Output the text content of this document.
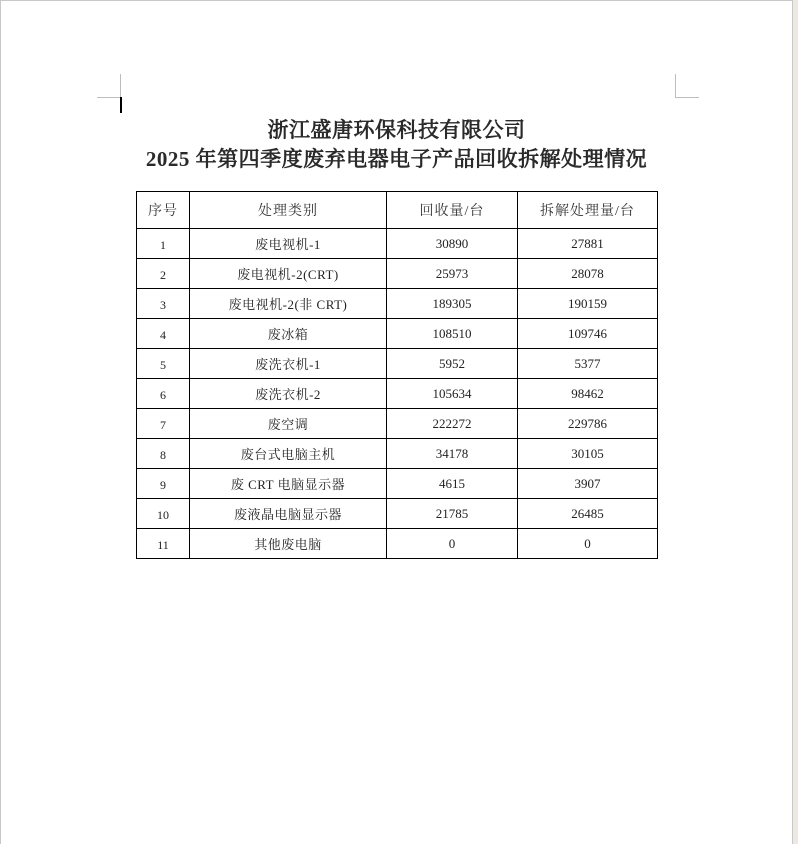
浙江盛唐环保科技有限公司
2025 年第四季度废弃电器电子产品回收拆解处理情况
序号	处理类别	回收量/台	拆解处理量/台
1	废电视机-1	30890	27881
2	废电视机-2(CRT)	25973	28078
3	废电视机-2(非 CRT)	189305	190159
4	废冰箱	108510	109746
5	废洗衣机-1	5952	5377
6	废洗衣机-2	105634	98462
7	废空调	222272	229786
8	废台式电脑主机	34178	30105
9	废 CRT 电脑显示器	4615	3907
10	废液晶电脑显示器	21785	26485
11	其他废电脑	0	0
